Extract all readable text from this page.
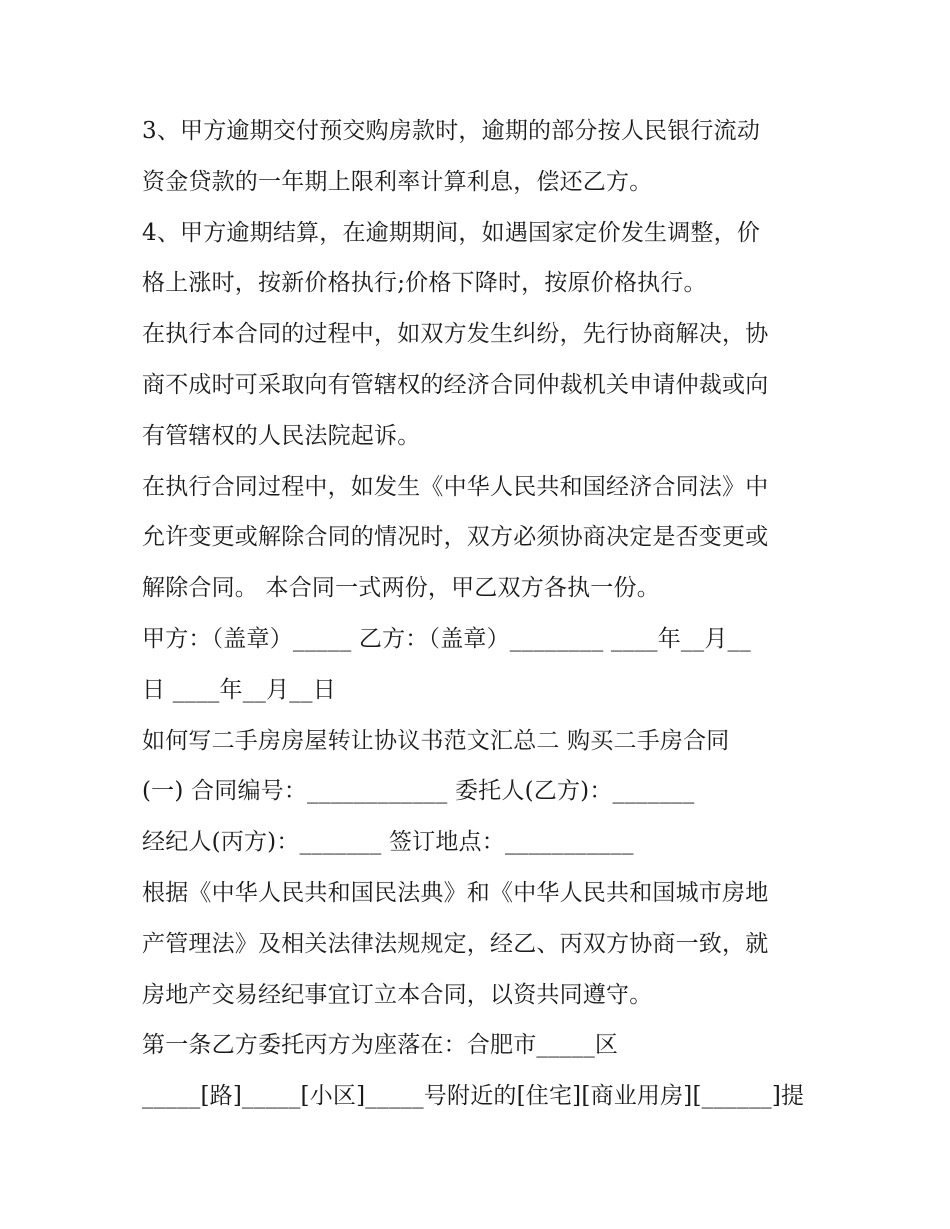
3、甲方逾期交付预交购房款时，逾期的部分按人民银行流动
资金贷款的一年期上限利率计算利息，偿还乙方。
4、甲方逾期结算，在逾期期间，如遇国家定价发生调整，价
格上涨时，按新价格执行;价格下降时，按原价格执行。
在执行本合同的过程中，如双方发生纠纷，先行协商解决，协
商不成时可采取向有管辖权的经济合同仲裁机关申请仲裁或向
有管辖权的人民法院起诉。
在执行合同过程中，如发生《中华人民共和国经济合同法》中
允许变更或解除合同的情况时，双方必须协商决定是否变更或
解除合同。 本合同一式两份，甲乙双方各执一份。
甲方：（盖章）_____ 乙方：（盖章）________ ____年__月__
日 ____年__月__日
如何写二手房房屋转让协议书范文汇总二 购买二手房合同
(一) 合同编号：____________ 委托人(乙方)：_______
经纪人(丙方)：_______ 签订地点：___________
根据《中华人民共和国民法典》和《中华人民共和国城市房地
产管理法》及相关法律法规规定，经乙、丙双方协商一致，就
房地产交易经纪事宜订立本合同，以资共同遵守。
第一条乙方委托丙方为座落在：合肥市_____区
_____[路]_____[小区]_____号附近的[住宅][商业用房][______]提
